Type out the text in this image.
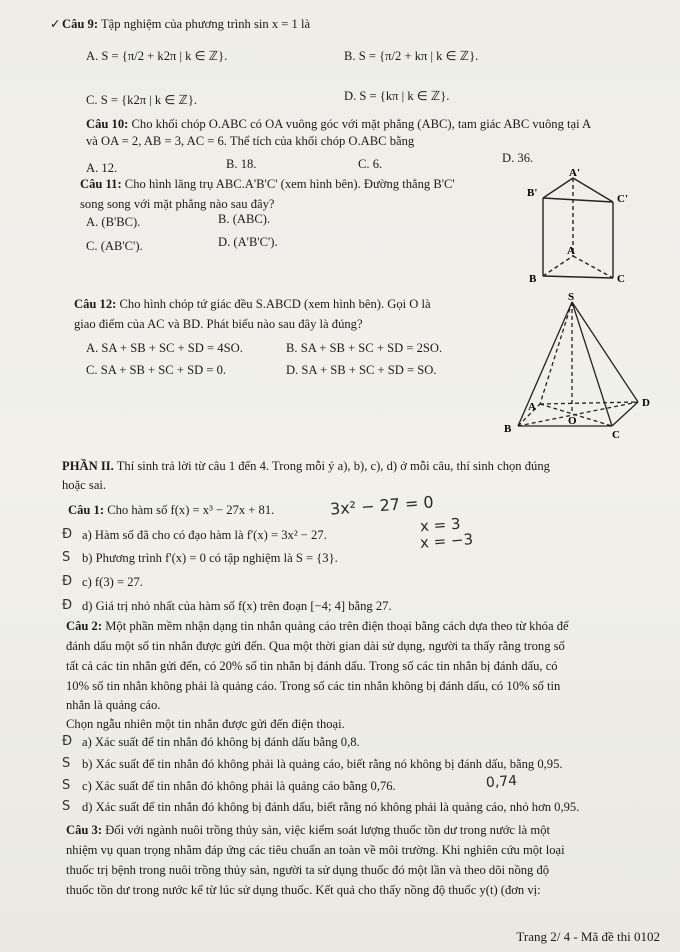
✓ Câu 9: Tập nghiệm của phương trình sin x = 1 là
A. S = {π/2 + k2π | k ∈ ℤ}.	B. S = {π/2 + kπ | k ∈ ℤ}.
C. S = {k2π | k ∈ ℤ}.	D. S = {kπ | k ∈ ℤ}.
Câu 10: Cho khối chóp O.ABC có OA vuông góc với mặt phẳng (ABC), tam giác ABC vuông tại A
và OA = 2, AB = 3, AC = 6. Thể tích của khối chóp O.ABC bằng
A. 12.	B. 18.	C. 6.	D. 36.
Câu 11: Cho hình lăng trụ ABC.A'B'C' (xem hình bên). Đường thẳng B'C'
song song với mặt phẳng nào sau đây?
A. (B'BC).	B. (ABC).
C. (AB'C').	D. (A'B'C').
A'
B'	C'
A
B	C
Câu 12: Cho hình chóp tứ giác đều S.ABCD (xem hình bên). Gọi O là
giao điểm của AC và BD. Phát biểu nào sau đây là đúng?
A. SA + SB + SC + SD = 4SO.	B. SA + SB + SC + SD = 2SO.
C. SA + SB + SC + SD = 0.	D. SA + SB + SC + SD = SO.
S
A
B	C
D
O
PHẦN II. Thí sinh trả lời từ câu 1 đến 4. Trong mỗi ý a), b), c), d) ở mỗi câu, thí sinh chọn đúng
hoặc sai.
Câu 1: Cho hàm số f(x) = x³ − 27x + 81.
Đ a) Hàm số đã cho có đạo hàm là f'(x) = 3x² − 27.
S b) Phương trình f'(x) = 0 có tập nghiệm là S = {3}.
Đ c) f(3) = 27.
Đ d) Giá trị nhỏ nhất của hàm số f(x) trên đoạn [−4; 4] bằng 27.
3x² − 27 = 0
x = 3
x = −3
Câu 2: Một phần mềm nhận dạng tin nhắn quảng cáo trên điện thoại bằng cách dựa theo từ khóa để
đánh dấu một số tin nhắn được gửi đến. Qua một thời gian dài sử dụng, người ta thấy rằng trong số
tất cả các tin nhắn gửi đến, có 20% số tin nhắn bị đánh dấu. Trong số các tin nhắn bị đánh dấu, có
10% số tin nhắn không phải là quảng cáo. Trong số các tin nhắn không bị đánh dấu, có 10% số tin
nhắn là quảng cáo.
Chọn ngẫu nhiên một tin nhắn được gửi đến điện thoại.
Đ a) Xác suất để tin nhắn đó không bị đánh dấu bằng 0,8.
S b) Xác suất để tin nhắn đó không phải là quảng cáo, biết rằng nó không bị đánh dấu, bằng 0,95.
S c) Xác suất để tin nhắn đó không phải là quảng cáo bằng 0,76.	0,74
S d) Xác suất để tin nhắn đó không bị đánh dấu, biết rằng nó không phải là quảng cáo, nhỏ hơn 0,95.
Câu 3: Đối với ngành nuôi trồng thủy sản, việc kiểm soát lượng thuốc tồn dư trong nước là một
nhiệm vụ quan trọng nhằm đáp ứng các tiêu chuẩn an toàn về môi trường. Khi nghiên cứu một loại
thuốc trị bệnh trong nuôi trồng thủy sản, người ta sử dụng thuốc đó một lần và theo dõi nồng độ
thuốc tồn dư trong nước kể từ lúc sử dụng thuốc. Kết quả cho thấy nồng độ thuốc y(t) (đơn vị:
Trang 2/ 4 - Mã đề thi 0102
